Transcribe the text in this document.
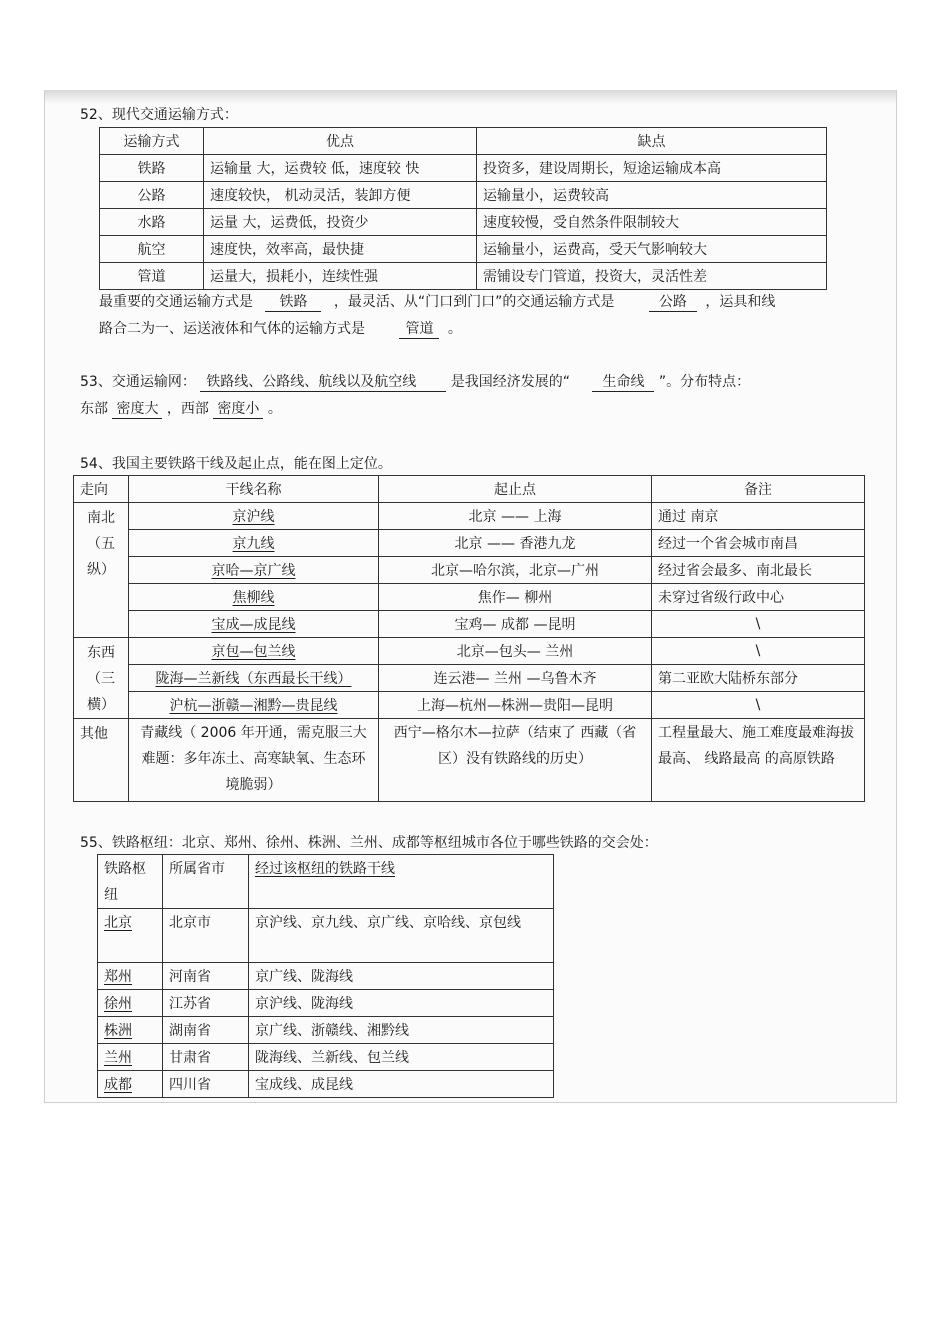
52、现代交通运输方式：
运输方式	优点	缺点
铁路	运输量 大，运费较 低，速度较 快	投资多，建设周期长，短途运输成本高
公路	速度较快， 机动灵活，装卸方便	运输量小，运费较高
水路	运量 大，运费低，投资少	速度较慢，受自然条件限制较大
航空	速度快，效率高，最快捷	运输量小，运费高，受天气影响较大
管道	运量大，损耗小，连续性强	需铺设专门管道，投资大，灵活性差
最重要的交通运输方式是 铁路 ，最灵活、从“门口到门口”的交通运输方式是	公路 ，运具和线
路合二为一、运送液体和气体的运输方式是	管道 。
53、交通运输网： 铁路线、公路线、航线以及航空线 是我国经济发展的“ 生命线 ”。分布特点：
东部 密度大 ，西部 密度小 。
54、我国主要铁路干线及起止点，能在图上定位。
走向	干线名称	起止点	备注
南北（五纵）	京沪线	北京 —— 上海	通过 南京
	京九线	北京 —— 香港九龙	经过一个省会城市南昌
	京哈—京广线	北京—哈尔滨，北京—广州	经过省会最多、南北最长
	焦柳线	焦作— 柳州	未穿过省级行政中心
	宝成—成昆线	宝鸡— 成都 —昆明	\
东西（三横）	京包—包兰线	北京—包头— 兰州	\
	陇海—兰新线（东西最长干线）	连云港— 兰州 —乌鲁木齐	第二亚欧大陆桥东部分
	沪杭—浙赣—湘黔—贵昆线	上海—杭州—株洲—贵阳—昆明	\
其他	青藏线（ 2006 年开通，需克服三大难题：多年冻土、高寒缺氧、生态环境脆弱）	西宁—格尔木—拉萨（结束了 西藏（省区）没有铁路线的历史）	工程量最大、施工难度最难海拔最高、 线路最高 的高原铁路
55、铁路枢纽：北京、郑州、徐州、株洲、兰州、成都等枢纽城市各位于哪些铁路的交会处：
铁路枢纽	所属省市	经过该枢纽的铁路干线
北京	北京市	京沪线、京九线、京广线、京哈线、京包线
郑州	河南省	京广线、陇海线
徐州	江苏省	京沪线、陇海线
株洲	湖南省	京广线、浙赣线、湘黔线
兰州	甘肃省	陇海线、兰新线、包兰线
成都	四川省	宝成线、成昆线
